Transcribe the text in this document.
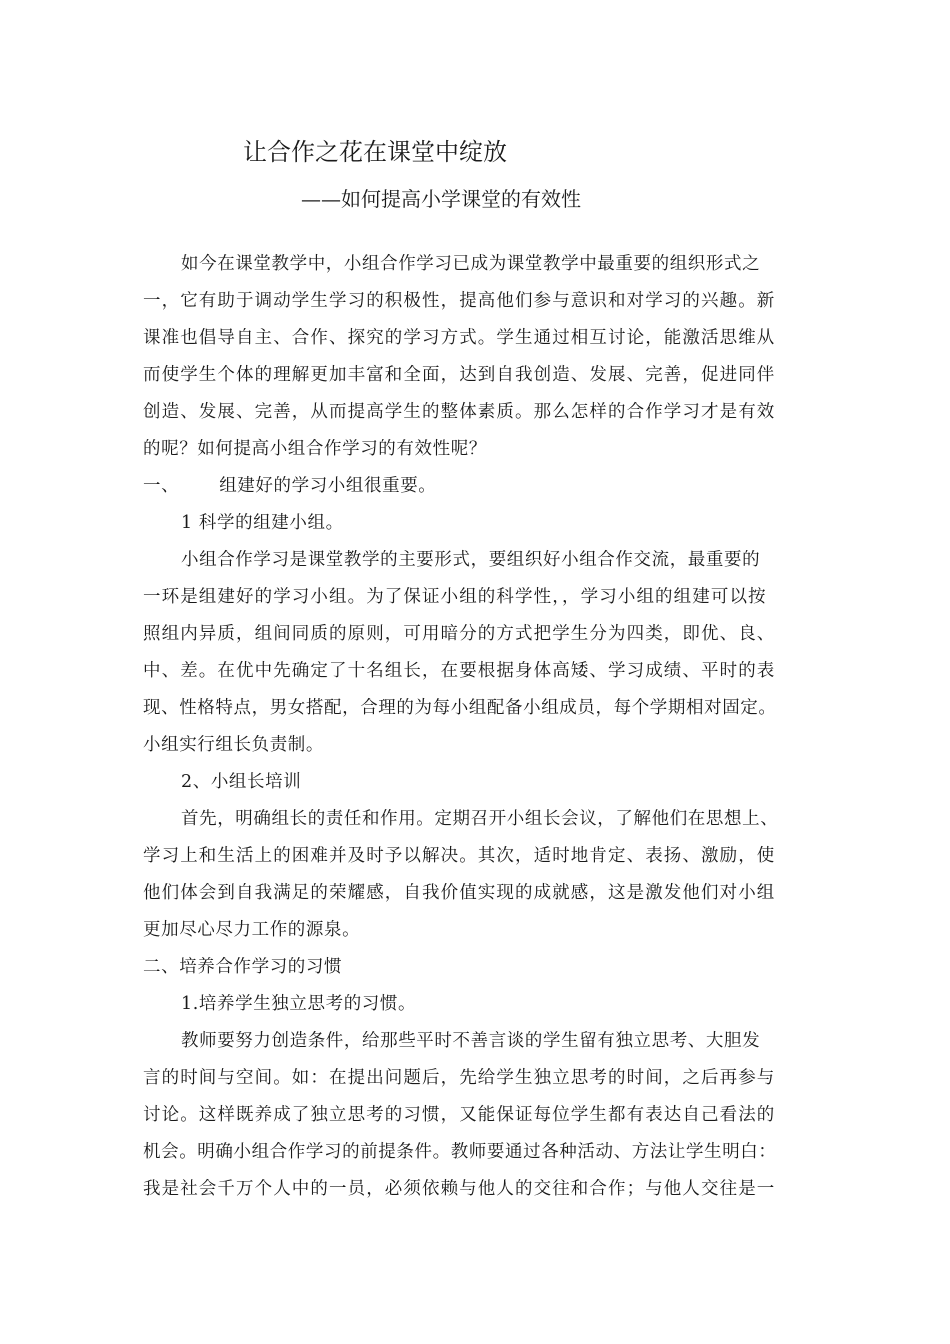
让合作之花在课堂中绽放
——如何提高小学课堂的有效性
如今在课堂教学中，小组合作学习已成为课堂教学中最重要的组织形式之
一，它有助于调动学生学习的积极性，提高他们参与意识和对学习的兴趣。新
课准也倡导自主、合作、探究的学习方式。学生通过相互讨论，能激活思维从
而使学生个体的理解更加丰富和全面，达到自我创造、发展、完善，促进同伴
创造、发展、完善，从而提高学生的整体素质。那么怎样的合作学习才是有效
的呢？如何提高小组合作学习的有效性呢？
一、 组建好的学习小组很重要。
1 科学的组建小组。
小组合作学习是课堂教学的主要形式，要组织好小组合作交流，最重要的
一环是组建好的学习小组。为了保证小组的科学性，，学习小组的组建可以按
照组内异质，组间同质的原则，可用暗分的方式把学生分为四类，即优、良、
中、差。在优中先确定了十名组长，在要根据身体高矮、学习成绩、平时的表
现、性格特点，男女搭配，合理的为每小组配备小组成员，每个学期相对固定。
小组实行组长负责制。
2、小组长培训
首先，明确组长的责任和作用。定期召开小组长会议，了解他们在思想上、
学习上和生活上的困难并及时予以解决。其次，适时地肯定、表扬、激励，使
他们体会到自我满足的荣耀感，自我价值实现的成就感，这是激发他们对小组
更加尽心尽力工作的源泉。
二、培养合作学习的习惯
1.培养学生独立思考的习惯。
教师要努力创造条件，给那些平时不善言谈的学生留有独立思考、大胆发
言的时间与空间。如：在提出问题后，先给学生独立思考的时间，之后再参与
讨论。这样既养成了独立思考的习惯，又能保证每位学生都有表达自己看法的
机会。明确小组合作学习的前提条件。教师要通过各种活动、方法让学生明白：
我是社会千万个人中的一员，必须依赖与他人的交往和合作；与他人交往是一
